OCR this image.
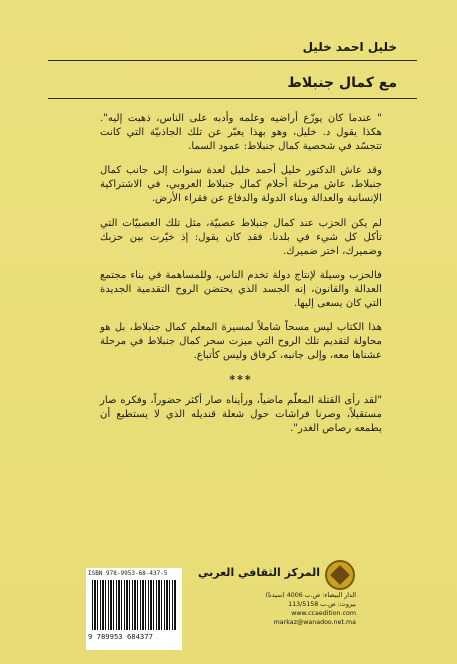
خليل احمد خليل
مع كمال جنبلاط

" عندما كان يوزّع أراضيه وعلمه وأدبه على الناس، ذهبت إليه". هكذا يقول د. خليل، وهو بهذا يعبّر عن تلك الجاذبيّة التي كانت تتجسّد في شخصية كمال جنبلاط: عمود السما.

وقد عاش الدكتور خليل أحمد خليل لعدة سنوات إلى جانب كمال جنبلاط، عاش مرحلة أحلام كمال جنبلاط العروبي، في الاشتراكية الإنسانية والعدالة وبناء الدولة والدفاع عن فقراء الأرض.

لم يكن الحزب عند كمال جنبلاط عصبيّة، مثل تلك العصبيّات التي تأكل كل شيء في بلدنا. فقد كان يقول: إذ خيّرت بين حزبك وضميرك، اختر ضميرك.

فالحزب وسيلة لإنتاج دولة تخدم الناس، وللمساهمة في بناء مجتمع العدالة والقانون، إنه الجسد الذي يحتضن الروح التقدمية الجديدة التي كان يسعى إليها.

هذا الكتاب ليس مسحاً شاملاً لمسيرة المعلم كمال جنبلاط، بل هو محاولة لتقديم تلك الروح التي ميزت سحر كمال جنبلاط في مرحلة عشناها معه، وإلى جانبه، كرفاق وليس كأتباع.

***

"لقد رأى القتلة المعلّم ماضياً، ورأيناه صار أكثر حضوراً، وفكره صار مستقبلاً، وصرنا فراشات حول شعلة قنديله الذي لا يستطيع أن يطمعه رصاص الغدر".

ISBN 978-9953-68-437-5
9 789953 684377
المركز الثقافي العربي
الدار البيضاء: ص.ب 4006 (سيدنا)
بيروت: ص.ب 113/5158
www.ccaedition.com
markaz@wanadoo.net.ma
